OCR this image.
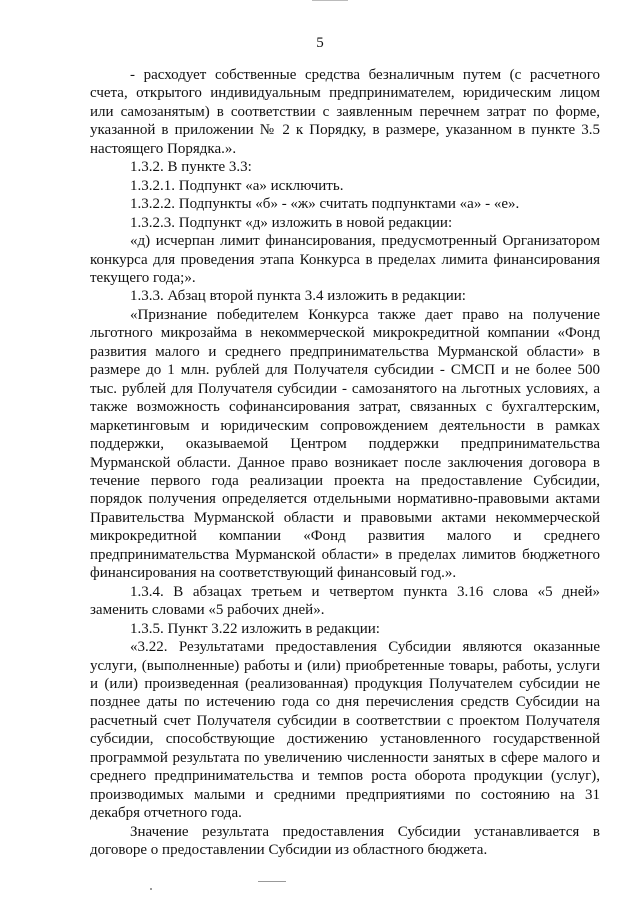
5

- расходует собственные средства безналичным путем (с расчетного счета, открытого индивидуальным предпринимателем, юридическим лицом или самозанятым) в соответствии с заявленным перечнем затрат по форме, указанной в приложении № 2 к Порядку, в размере, указанном в пункте 3.5 настоящего Порядка.».

1.3.2. В пункте 3.3:

1.3.2.1. Подпункт «а» исключить.

1.3.2.2. Подпункты «б» - «ж» считать подпунктами «а» - «е».

1.3.2.3. Подпункт «д» изложить в новой редакции:

«д) исчерпан лимит финансирования, предусмотренный Организатором конкурса для проведения этапа Конкурса в пределах лимита финансирования текущего года;».

1.3.3. Абзац второй пункта 3.4 изложить в редакции:

«Признание победителем Конкурса также дает право на получение льготного микрозайма в некоммерческой микрокредитной компании «Фонд развития малого и среднего предпринимательства Мурманской области» в размере до 1 млн. рублей для Получателя субсидии - СМСП и не более 500 тыс. рублей для Получателя субсидии - самозанятого на льготных условиях, а также возможность софинансирования затрат, связанных с бухгалтерским, маркетинговым и юридическим сопровождением деятельности в рамках поддержки, оказываемой Центром поддержки предпринимательства Мурманской области. Данное право возникает после заключения договора в течение первого года реализации проекта на предоставление Субсидии, порядок получения определяется отдельными нормативно-правовыми актами Правительства Мурманской области и правовыми актами некоммерческой микрокредитной компании «Фонд развития малого и среднего предпринимательства Мурманской области» в пределах лимитов бюджетного финансирования на соответствующий финансовый год.».

1.3.4. В абзацах третьем и четвертом пункта 3.16 слова «5 дней» заменить словами «5 рабочих дней».

1.3.5. Пункт 3.22 изложить в редакции:

«3.22. Результатами предоставления Субсидии являются оказанные услуги, (выполненные) работы и (или) приобретенные товары, работы, услуги и (или) произведенная (реализованная) продукция Получателем субсидии не позднее даты по истечению года со дня перечисления средств Субсидии на расчетный счет Получателя субсидии в соответствии с проектом Получателя субсидии, способствующие достижению установленного государственной программой результата по увеличению численности занятых в сфере малого и среднего предпринимательства и темпов роста оборота продукции (услуг), производимых малыми и средними предприятиями по состоянию на 31 декабря отчетного года.

Значение результата предоставления Субсидии устанавливается в договоре о предоставлении Субсидии из областного бюджета.
